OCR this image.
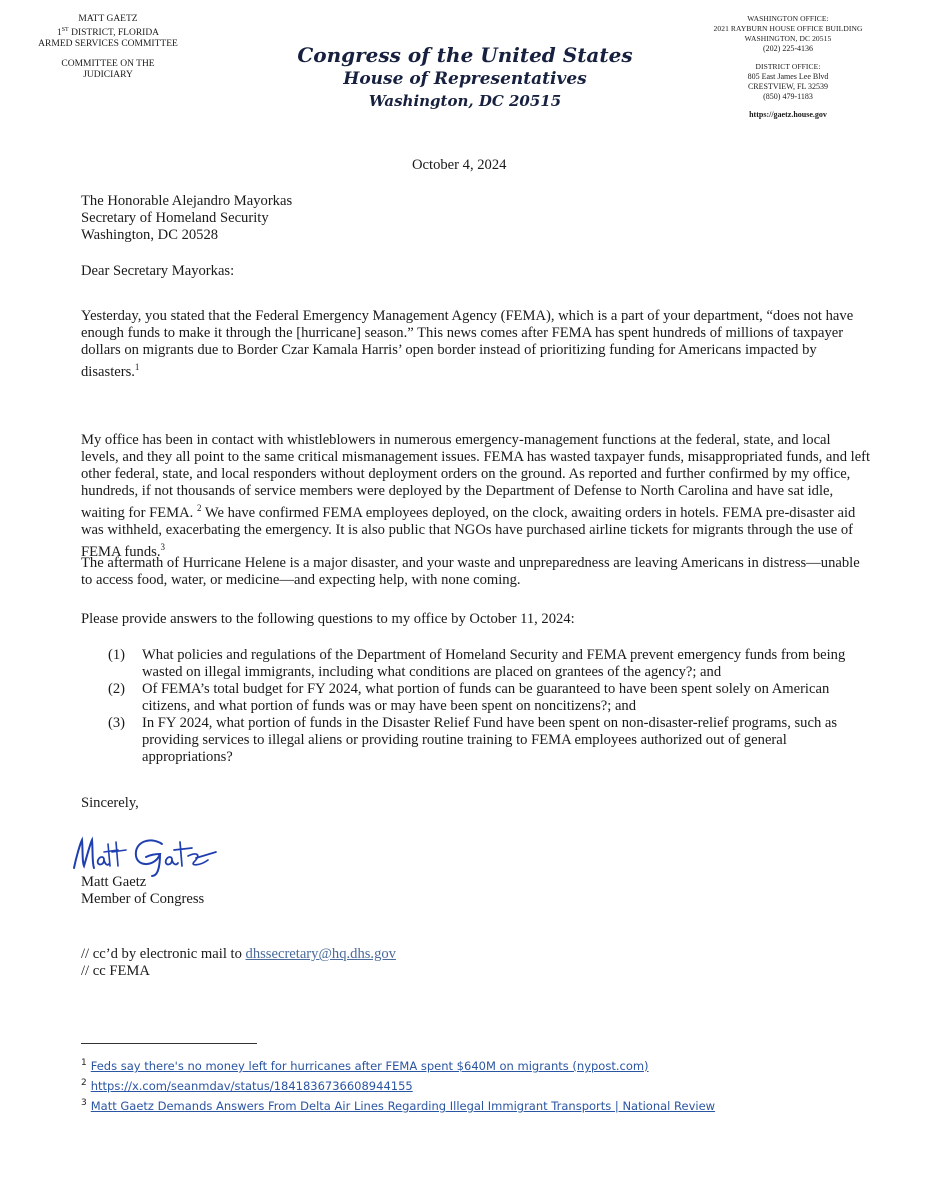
MATT GAETZ
1ST DISTRICT, FLORIDA
ARMED SERVICES COMMITTEE
COMMITTEE ON THE JUDICIARY
Congress of the United States
House of Representatives
Washington, DC 20515
WASHINGTON OFFICE:
2021 RAYBURN HOUSE OFFICE BUILDING
WASHINGTON, DC 20515
(202) 225-4136
DISTRICT OFFICE:
805 East James Lee Blvd
CRESTVIEW, FL 32539
(850) 479-1183
https://gaetz.house.gov
October 4, 2024
The Honorable Alejandro Mayorkas
Secretary of Homeland Security
Washington, DC 20528
Dear Secretary Mayorkas:
Yesterday, you stated that the Federal Emergency Management Agency (FEMA), which is a part of your department, “does not have enough funds to make it through the [hurricane] season.” This news comes after FEMA has spent hundreds of millions of taxpayer dollars on migrants due to Border Czar Kamala Harris’ open border instead of prioritizing funding for Americans impacted by disasters.$^1$
My office has been in contact with whistleblowers in numerous emergency-management functions at the federal, state, and local levels, and they all point to the same critical mismanagement issues. FEMA has wasted taxpayer funds, misappropriated funds, and left other federal, state, and local responders without deployment orders on the ground. As reported and further confirmed by my office, hundreds, if not thousands of service members were deployed by the Department of Defense to North Carolina and have sat idle, waiting for FEMA. $^2$ We have confirmed FEMA employees deployed, on the clock, awaiting orders in hotels. FEMA pre-disaster aid was withheld, exacerbating the emergency. It is also public that NGOs have purchased airline tickets for migrants through the use of FEMA funds.$^3$
The aftermath of Hurricane Helene is a major disaster, and your waste and unpreparedness are leaving Americans in distress—unable to access food, water, or medicine—and expecting help, with none coming.
Please provide answers to the following questions to my office by October 11, 2024:
(1) What policies and regulations of the Department of Homeland Security and FEMA prevent emergency funds from being wasted on illegal immigrants, including what conditions are placed on grantees of the agency?; and
(2) Of FEMA’s total budget for FY 2024, what portion of funds can be guaranteed to have been spent solely on American citizens, and what portion of funds was or may have been spent on noncitizens?; and
(3) In FY 2024, what portion of funds in the Disaster Relief Fund have been spent on non-disaster-relief programs, such as providing services to illegal aliens or providing routine training to FEMA employees authorized out of general appropriations?
Sincerely,
Matt Gaetz
Member of Congress
// cc’d by electronic mail to dhssecretary@hq.dhs.gov
// cc FEMA
$^1$ Feds say there's no money left for hurricanes after FEMA spent $640M on migrants (nypost.com)
$^2$ https://x.com/seanmdav/status/1841836736608944155
$^3$ Matt Gaetz Demands Answers From Delta Air Lines Regarding Illegal Immigrant Transports | National Review
